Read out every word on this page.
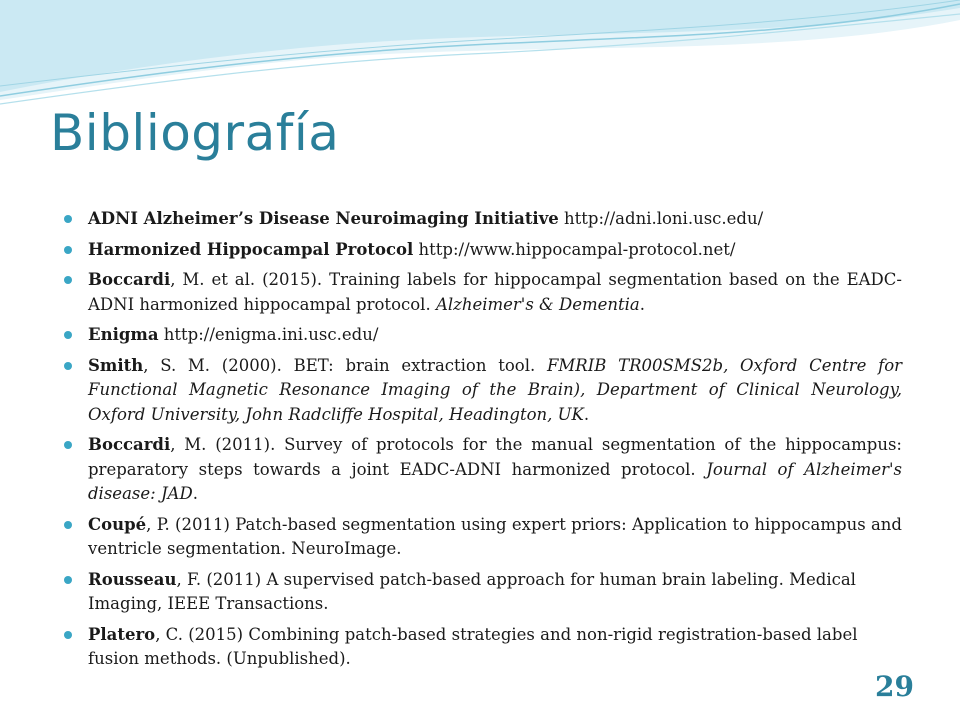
Bibliografía
ADNI Alzheimer’s Disease Neuroimaging Initiative http://adni.loni.usc.edu/
Harmonized Hippocampal Protocol http://www.hippocampal-protocol.net/
Boccardi, M. et al. (2015). Training labels for hippocampal segmentation based on the EADC-ADNI harmonized hippocampal protocol. Alzheimer's & Dementia.
Enigma http://enigma.ini.usc.edu/
Smith, S. M. (2000). BET: brain extraction tool. FMRIB TR00SMS2b, Oxford Centre for Functional Magnetic Resonance Imaging of the Brain), Department of Clinical Neurology, Oxford University, John Radcliffe Hospital, Headington, UK.
Boccardi, M. (2011). Survey of protocols for the manual segmentation of the hippocampus: preparatory steps towards a joint EADC-ADNI harmonized protocol. Journal of Alzheimer's disease: JAD.
Coupé, P. (2011) Patch-based segmentation using expert priors: Application to hippocampus and ventricle segmentation. NeuroImage.
Rousseau, F. (2011) A supervised patch-based approach for human brain labeling. Medical Imaging, IEEE Transactions.
Platero, C. (2015) Combining patch-based strategies and non-rigid registration-based label fusion methods. (Unpublished).
29
